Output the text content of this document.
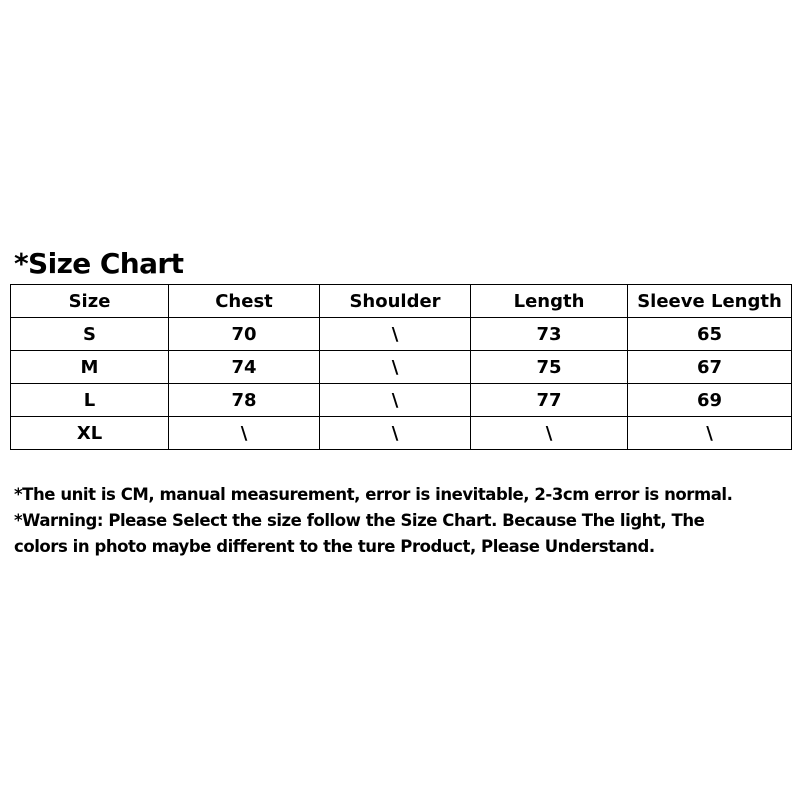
*Size Chart
Size	Chest	Shoulder	Length	Sleeve Length
S	70	\	73	65
M	74	\	75	67
L	78	\	77	69
XL	\	\	\	\
*The unit is CM, manual measurement, error is inevitable, 2-3cm error is normal.
*Warning: Please Select the size follow the Size Chart. Because The light, The
colors in photo maybe different to the ture Product, Please Understand.
